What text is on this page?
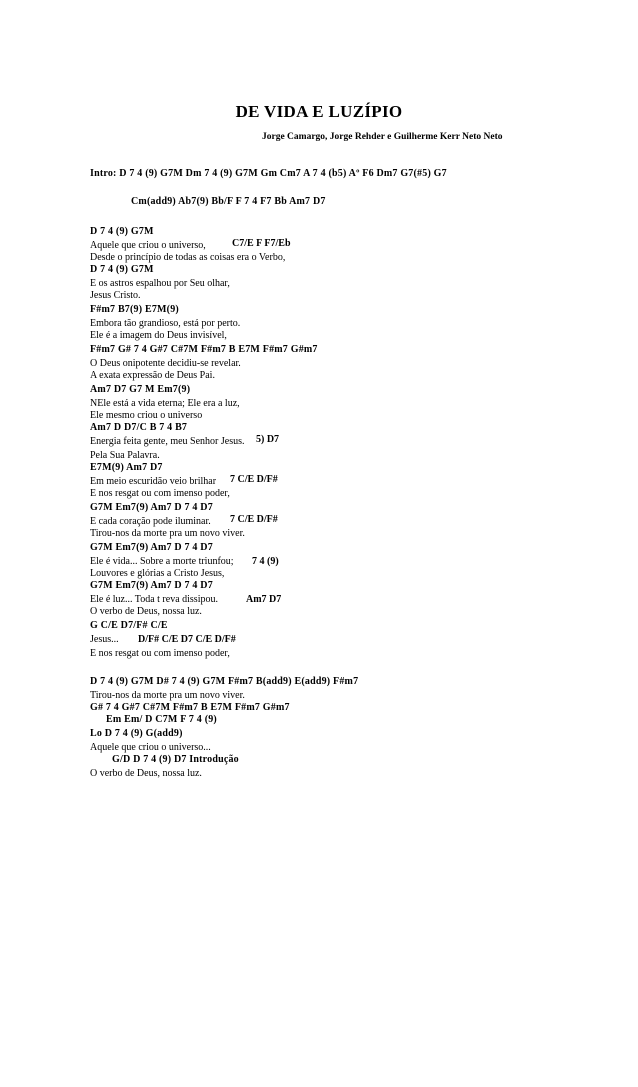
DE VIDA E LUZÍPIO
Jorge Camargo, Jorge Rehder e Guilherme Kerr Neto Neto
Intro: D 7 4 (9) G7M Dm 7 4 (9) G7M Gm Cm7 A 7 4 (b5) Aº F6 Dm7 G7(#5) G7
Cm(add9) Ab7(9) Bb/F F 7 4 F7 Bb Am7 D7
D 7 4 (9) G7M
Aquele que criou o universo,
Desde o princípio de todas as coisas era o Verbo,
D 7 4 (9) G7M
E os astros espalhou por Seu olhar,
Jesus Cristo.
F#m7 B7(9) E7M(9)
Embora tão grandioso, está por perto.
Ele é a imagem do Deus invisível,
F#m7 G# 7 4 G#7 C#7M F#m7 B E7M F#m7 G#m7
O Deus onipotente decidiu-se revelar.
A exata expressão de Deus Pai.
Am7 D7 G7 M Em7(9)
NEle está a vida eterna; Ele era a luz,
Ele mesmo criou o universo
Am7 D D7/C B 7 4 B7
Energia feita gente, meu Senhor Jesus.
Pela Sua Palavra.
E7M(9) Am7 D7
Em meio escuridão veio brilhar
E nos resgat ou com imenso poder,
G7M Em7(9) Am7 D 7 4 D7
E cada coração pode iluminar.
Tirou-nos da morte pra um novo viver.
G7M Em7(9) Am7 D 7 4 D7
Ele é vida... Sobre a morte triunfou;
Louvores e glórias a Cristo Jesus,
G7M Em7(9) Am7 D 7 4 D7
Ele é luz... Toda t reva dissipou.
O verbo de Deus, nossa luz.
G C/E D7/F# C/E
Jesus...
E nos resgat ou com imenso poder,
D 7 4 (9) G7M D# 7 4 (9) G7M F#m7 B(add9) E(add9) F#m7
Tirou-nos da morte pra um novo viver.
G# 7 4 G#7 C#7M F#m7 B E7M F#m7 G#m7
Em Em/ D C7M F 7 4 (9)
Lo D 7 4 (9) G(add9)
Aquele que criou o universo...
G/D D 7 4 (9) D7 Introdução
O verbo de Deus, nossa luz.
C7/E F F7/Eb
5) D7
7 C/E D/F#
7 C/E D/F#
7 4 (9)
Am7 D7
D/F# C/E D7 C/E D/F#
